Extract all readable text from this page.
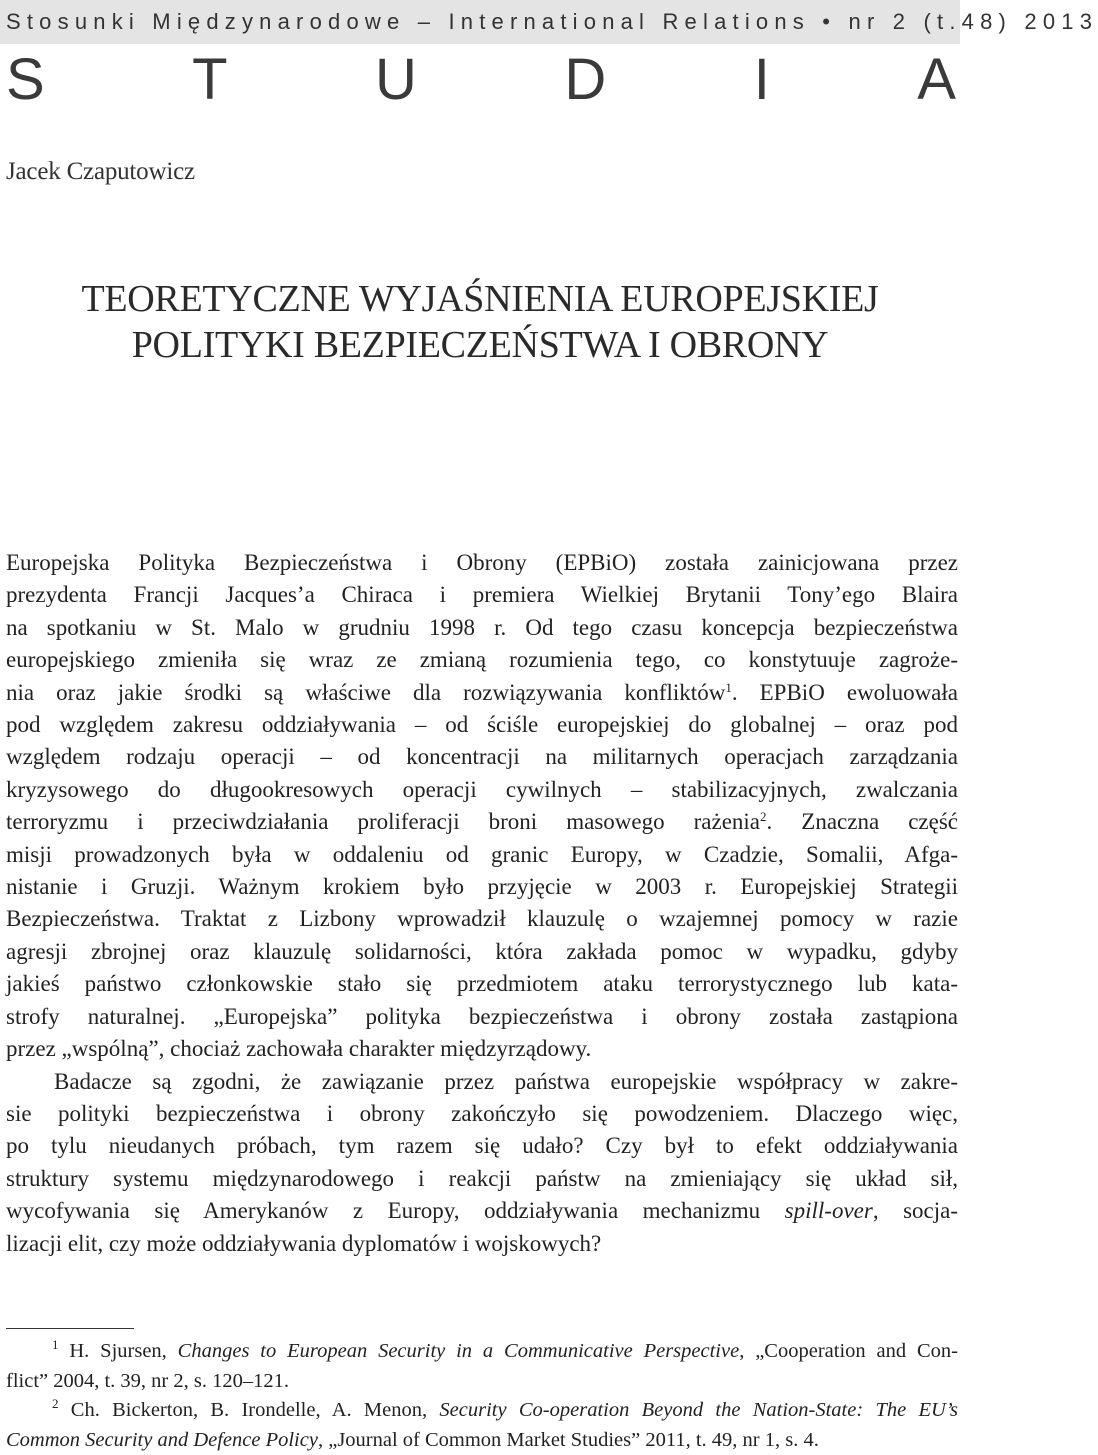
Stosunki Międzynarodowe – International Relations • nr 2 (t.48) 2013
S	T	U	D	I	A
Jacek Czaputowicz
TEORETYCZNE WYJAŚNIENIA EUROPEJSKIEJ
POLITYKI BEZPIECZEŃSTWA I OBRONY
Europejska Polityka Bezpieczeństwa i Obrony (EPBiO) została zainicjowana przez
prezydenta Francji Jacques’a Chiraca i premiera Wielkiej Brytanii Tony’ego Blaira
na spotkaniu w St. Malo w grudniu 1998 r. Od tego czasu koncepcja bezpieczeństwa
europejskiego zmieniła się wraz ze zmianą rozumienia tego, co konstytuuje zagroże-
nia oraz jakie środki są właściwe dla rozwiązywania konfliktów$^1$. EPBiO ewoluowała
pod względem zakresu oddziaływania – od ściśle europejskiej do globalnej – oraz pod
względem rodzaju operacji – od koncentracji na militarnych operacjach zarządzania
kryzysowego do długookresowych operacji cywilnych – stabilizacyjnych, zwalczania
terroryzmu i przeciwdziałania proliferacji broni masowego rażenia$^2$. Znaczna część
misji prowadzonych była w oddaleniu od granic Europy, w Czadzie, Somalii, Afga-
nistanie i Gruzji. Ważnym krokiem było przyjęcie w 2003 r. Europejskiej Strategii
Bezpieczeństwa. Traktat z Lizbony wprowadził klauzulę o wzajemnej pomocy w razie
agresji zbrojnej oraz klauzulę solidarności, która zakłada pomoc w wypadku, gdyby
jakieś państwo członkowskie stało się przedmiotem ataku terrorystycznego lub kata-
strofy naturalnej. „Europejska” polityka bezpieczeństwa i obrony została zastąpiona
przez „wspólną”, chociaż zachowała charakter międzyrządowy.
Badacze są zgodni, że zawiązanie przez państwa europejskie współpracy w zakre-
sie polityki bezpieczeństwa i obrony zakończyło się powodzeniem. Dlaczego więc,
po tylu nieudanych próbach, tym razem się udało? Czy był to efekt oddziaływania
struktury systemu międzynarodowego i reakcji państw na zmieniający się układ sił,
wycofywania się Amerykanów z Europy, oddziaływania mechanizmu spill-over, socja-
lizacji elit, czy może oddziaływania dyplomatów i wojskowych?
$^1$ H. Sjursen, Changes to European Security in a Communicative Perspective, „Cooperation and Con-
flict” 2004, t. 39, nr 2, s. 120–121.
$^2$ Ch. Bickerton, B. Irondelle, A. Menon, Security Co-operation Beyond the Nation-State: The EU’s
Common Security and Defence Policy, „Journal of Common Market Studies” 2011, t. 49, nr 1, s. 4.
